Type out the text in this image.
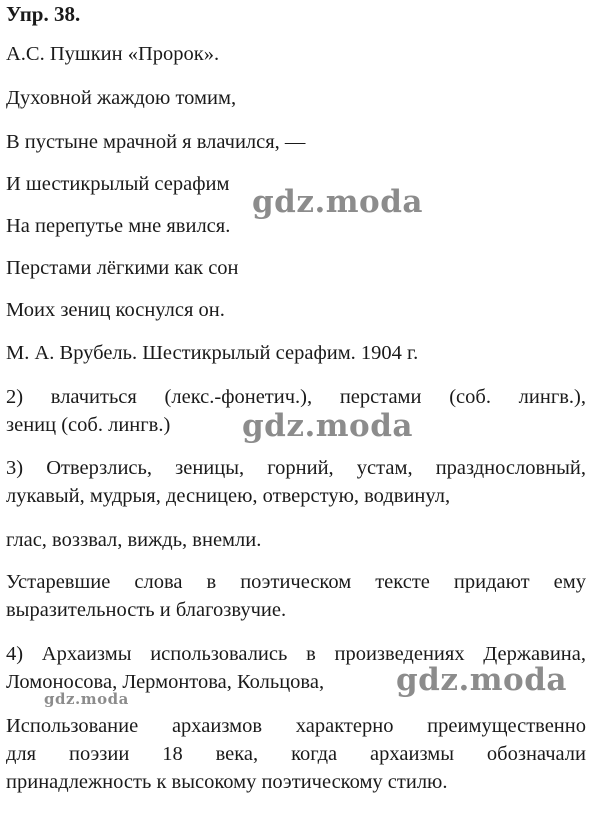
Упр. 38.
А.С. Пушкин «Пророк».
Духовной жаждою томим,
В пустыне мрачной я влачился, —
И шестикрылый серафим
На перепутье мне явился.
Перстами лёгкими как сон
Моих зениц коснулся он.
М. А. Врубель. Шестикрылый серафим. 1904 г.
2) влачиться (лекс.-фонетич.), перстами (соб. лингв.),
зениц (соб. лингв.)
3) Отверзлись, зеницы, горний, устам, празднословный,
лукавый, мудрыя, десницею, отверстую, водвинул,
глас, воззвал, виждь, внемли.
Устаревшие слова в поэтическом тексте придают ему
выразительность и благозвучие.
4) Архаизмы использовались в произведениях Державина,
Ломоносова, Лермонтова, Кольцова,
Использование архаизмов характерно преимущественно
для поэзии 18 века, когда архаизмы обозначали
принадлежность к высокому поэтическому стилю.
gdz.moda
gdz.moda
gdz.moda
gdz.moda
